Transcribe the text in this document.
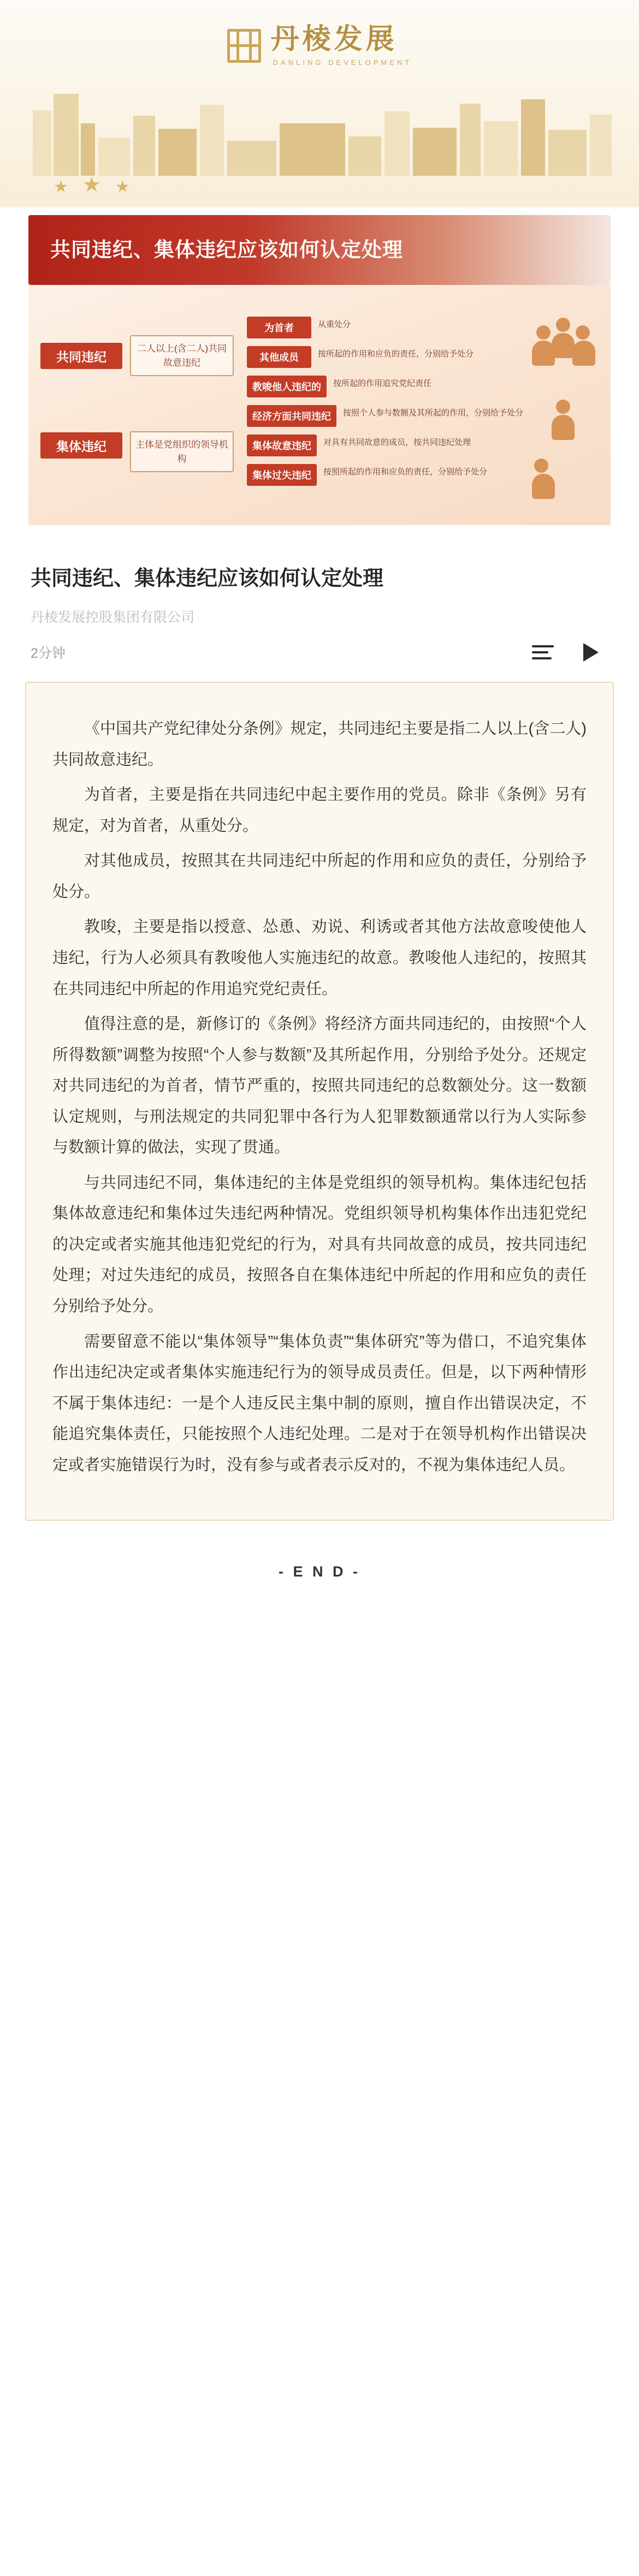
丹棱发展
DANLING DEVELOPMENT
★ ★ ★
共同违纪、集体违纪应该如何认定处理
共同违纪
集体违纪
二人以上(含二人)共同故意违纪
主体是党组织的领导机构
为首者	从重处分
其他成员	按所起的作用和应负的责任，分别给予处分
教唆他人违纪的	按所起的作用追究党纪责任
经济方面共同违纪	按照个人参与数额及其所起的作用，分别给予处分
集体故意违纪	对具有共同故意的成员，按共同违纪处理
集体过失违纪	按照所起的作用和应负的责任，分别给予处分
共同违纪、集体违纪应该如何认定处理
丹棱发展控股集团有限公司
2分钟

《中国共产党纪律处分条例》规定，共同违纪主要是指二人以上(含二人)共同故意违纪。

为首者，主要是指在共同违纪中起主要作用的党员。除非《条例》另有规定，对为首者，从重处分。

对其他成员，按照其在共同违纪中所起的作用和应负的责任，分别给予处分。

教唆，主要是指以授意、怂恿、劝说、利诱或者其他方法故意唆使他人违纪，行为人必须具有教唆他人实施违纪的故意。教唆他人违纪的，按照其在共同违纪中所起的作用追究党纪责任。

值得注意的是，新修订的《条例》将经济方面共同违纪的，由按照“个人所得数额”调整为按照“个人参与数额”及其所起作用，分别给予处分。还规定对共同违纪的为首者，情节严重的，按照共同违纪的总数额处分。这一数额认定规则，与刑法规定的共同犯罪中各行为人犯罪数额通常以行为人实际参与数额计算的做法，实现了贯通。

与共同违纪不同，集体违纪的主体是党组织的领导机构。集体违纪包括集体故意违纪和集体过失违纪两种情况。党组织领导机构集体作出违犯党纪的决定或者实施其他违犯党纪的行为，对具有共同故意的成员，按共同违纪处理；对过失违纪的成员，按照各自在集体违纪中所起的作用和应负的责任分别给予处分。

需要留意不能以“集体领导”“集体负责”“集体研究”等为借口，不追究集体作出违纪决定或者集体实施违纪行为的领导成员责任。但是，以下两种情形不属于集体违纪：一是个人违反民主集中制的原则，擅自作出错误决定，不能追究集体责任，只能按照个人违纪处理。二是对于在领导机构作出错误决定或者实施错误行为时，没有参与或者表示反对的，不视为集体违纪人员。

- E N D -
